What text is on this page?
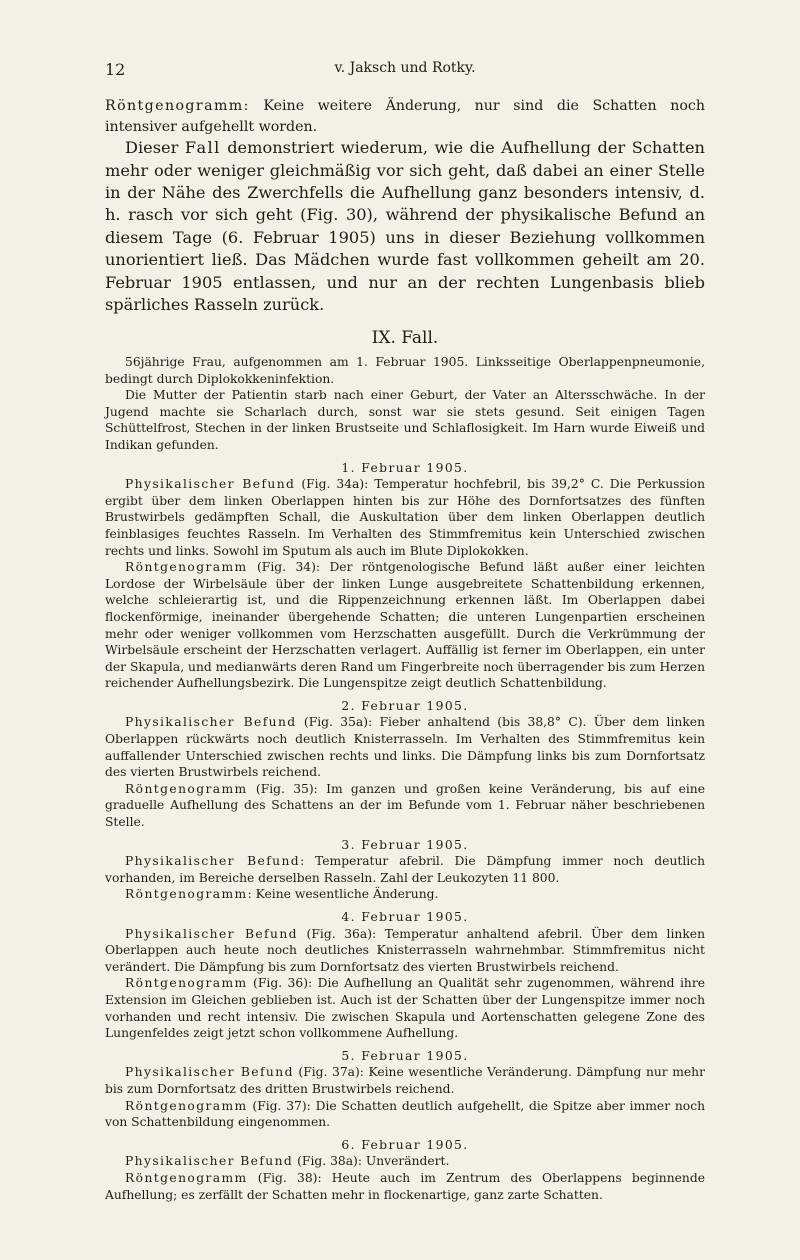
12	v. Jaksch und Rotky.

Röntgenogramm: Keine weitere Änderung, nur sind die Schatten noch intensiver aufgehellt worden.

Dieser Fall demonstriert wiederum, wie die Aufhellung der Schatten mehr oder weniger gleichmäßig vor sich geht, daß dabei an einer Stelle in der Nähe des Zwerchfells die Aufhellung ganz besonders intensiv, d. h. rasch vor sich geht (Fig. 30), während der physikalische Befund an diesem Tage (6. Februar 1905) uns in dieser Beziehung vollkommen unorientiert ließ. Das Mädchen wurde fast vollkommen geheilt am 20. Februar 1905 entlassen, und nur an der rechten Lungenbasis blieb spärliches Rasseln zurück.

IX. Fall.

56jährige Frau, aufgenommen am 1. Februar 1905. Linksseitige Oberlappenpneumonie, bedingt durch Diplokokkeninfektion.

Die Mutter der Patientin starb nach einer Geburt, der Vater an Altersschwäche. In der Jugend machte sie Scharlach durch, sonst war sie stets gesund. Seit einigen Tagen Schüttelfrost, Stechen in der linken Brustseite und Schlaflosigkeit. Im Harn wurde Eiweiß und Indikan gefunden.

1. Februar 1905.

Physikalischer Befund (Fig. 34a): Temperatur hochfebril, bis 39,2° C. Die Perkussion ergibt über dem linken Oberlappen hinten bis zur Höhe des Dornfortsatzes des fünften Brustwirbels gedämpften Schall, die Auskultation über dem linken Oberlappen deutlich feinblasiges feuchtes Rasseln. Im Verhalten des Stimmfremitus kein Unterschied zwischen rechts und links. Sowohl im Sputum als auch im Blute Diplokokken.

Röntgenogramm (Fig. 34): Der röntgenologische Befund läßt außer einer leichten Lordose der Wirbelsäule über der linken Lunge ausgebreitete Schattenbildung erkennen, welche schleierartig ist, und die Rippenzeichnung erkennen läßt. Im Oberlappen dabei flockenförmige, ineinander übergehende Schatten; die unteren Lungenpartien erscheinen mehr oder weniger vollkommen vom Herzschatten ausgefüllt. Durch die Verkrümmung der Wirbelsäule erscheint der Herzschatten verlagert. Auffällig ist ferner im Oberlappen, ein unter der Skapula, und medianwärts deren Rand um Fingerbreite noch überragender bis zum Herzen reichender Aufhellungsbezirk. Die Lungenspitze zeigt deutlich Schattenbildung.

2. Februar 1905.

Physikalischer Befund (Fig. 35a): Fieber anhaltend (bis 38,8° C). Über dem linken Oberlappen rückwärts noch deutlich Knisterrasseln. Im Verhalten des Stimmfremitus kein auffallender Unterschied zwischen rechts und links. Die Dämpfung links bis zum Dornfortsatz des vierten Brustwirbels reichend.

Röntgenogramm (Fig. 35): Im ganzen und großen keine Veränderung, bis auf eine graduelle Aufhellung des Schattens an der im Befunde vom 1. Februar näher beschriebenen Stelle.

3. Februar 1905.

Physikalischer Befund: Temperatur afebril. Die Dämpfung immer noch deutlich vorhanden, im Bereiche derselben Rasseln. Zahl der Leukozyten 11 800.

Röntgenogramm: Keine wesentliche Änderung.

4. Februar 1905.

Physikalischer Befund (Fig. 36a): Temperatur anhaltend afebril. Über dem linken Oberlappen auch heute noch deutliches Knisterrasseln wahrnehmbar. Stimmfremitus nicht verändert. Die Dämpfung bis zum Dornfortsatz des vierten Brustwirbels reichend.

Röntgenogramm (Fig. 36): Die Aufhellung an Qualität sehr zugenommen, während ihre Extension im Gleichen geblieben ist. Auch ist der Schatten über der Lungenspitze immer noch vorhanden und recht intensiv. Die zwischen Skapula und Aortenschatten gelegene Zone des Lungenfeldes zeigt jetzt schon vollkommene Aufhellung.

5. Februar 1905.

Physikalischer Befund (Fig. 37a): Keine wesentliche Veränderung. Dämpfung nur mehr bis zum Dornfortsatz des dritten Brustwirbels reichend.

Röntgenogramm (Fig. 37): Die Schatten deutlich aufgehellt, die Spitze aber immer noch von Schattenbildung eingenommen.

6. Februar 1905.

Physikalischer Befund (Fig. 38a): Unverändert.

Röntgenogramm (Fig. 38): Heute auch im Zentrum des Oberlappens beginnende Aufhellung; es zerfällt der Schatten mehr in flockenartige, ganz zarte Schatten.
